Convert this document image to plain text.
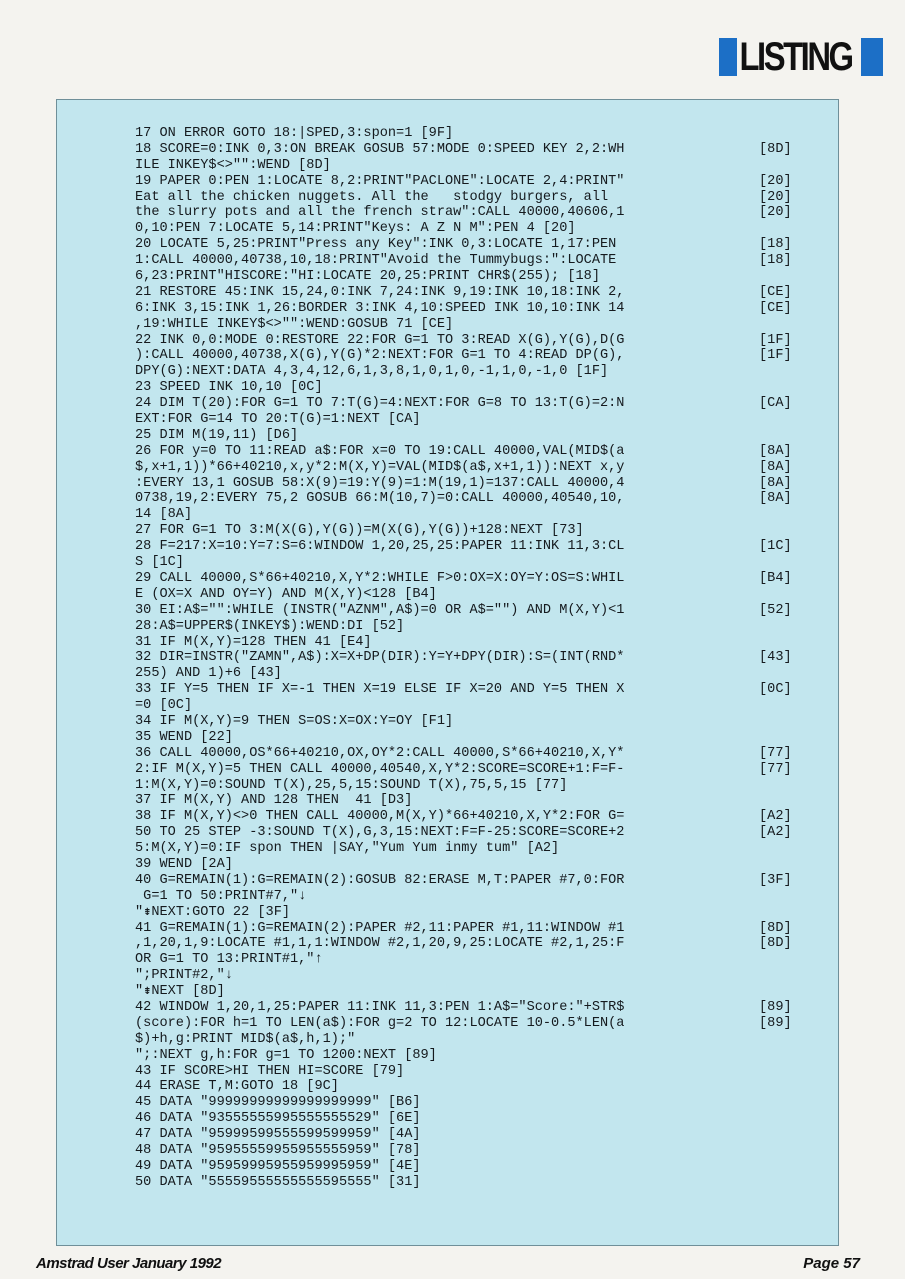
LISTING
17 ON ERROR GOTO 18:|SPED,3:spon=1 [9F]
18 SCORE=0:INK 0,3:ON BREAK GOSUB 57:MODE 0:SPEED KEY 2,2:WH	[8D]
ILE INKEY$<>"":WEND [8D]
19 PAPER 0:PEN 1:LOCATE 8,2:PRINT"PACLONE":LOCATE 2,4:PRINT"	[20]
Eat all the chicken nuggets. All the   stodgy burgers, all	[20]
the slurry pots and all the french straw":CALL 40000,40606,1	[20]
0,10:PEN 7:LOCATE 5,14:PRINT"Keys: A Z N M":PEN 4 [20]
20 LOCATE 5,25:PRINT"Press any Key":INK 0,3:LOCATE 1,17:PEN	[18]
1:CALL 40000,40738,10,18:PRINT"Avoid the Tummybugs:":LOCATE	[18]
6,23:PRINT"HISCORE:"HI:LOCATE 20,25:PRINT CHR$(255); [18]
21 RESTORE 45:INK 15,24,0:INK 7,24:INK 9,19:INK 10,18:INK 2,	[CE]
6:INK 3,15:INK 1,26:BORDER 3:INK 4,10:SPEED INK 10,10:INK 14	[CE]
,19:WHILE INKEY$<>"":WEND:GOSUB 71 [CE]
22 INK 0,0:MODE 0:RESTORE 22:FOR G=1 TO 3:READ X(G),Y(G),D(G	[1F]
):CALL 40000,40738,X(G),Y(G)*2:NEXT:FOR G=1 TO 4:READ DP(G),	[1F]
DPY(G):NEXT:DATA 4,3,4,12,6,1,3,8,1,0,1,0,-1,1,0,-1,0 [1F]
23 SPEED INK 10,10 [0C]
24 DIM T(20):FOR G=1 TO 7:T(G)=4:NEXT:FOR G=8 TO 13:T(G)=2:N	[CA]
EXT:FOR G=14 TO 20:T(G)=1:NEXT [CA]
25 DIM M(19,11) [D6]
26 FOR y=0 TO 11:READ a$:FOR x=0 TO 19:CALL 40000,VAL(MID$(a	[8A]
$,x+1,1))*66+40210,x,y*2:M(X,Y)=VAL(MID$(a$,x+1,1)):NEXT x,y	[8A]
:EVERY 13,1 GOSUB 58:X(9)=19:Y(9)=1:M(19,1)=137:CALL 40000,4	[8A]
0738,19,2:EVERY 75,2 GOSUB 66:M(10,7)=0:CALL 40000,40540,10,	[8A]
14 [8A]
27 FOR G=1 TO 3:M(X(G),Y(G))=M(X(G),Y(G))+128:NEXT [73]
28 F=217:X=10:Y=7:S=6:WINDOW 1,20,25,25:PAPER 11:INK 11,3:CL	[1C]
S [1C]
29 CALL 40000,S*66+40210,X,Y*2:WHILE F>0:OX=X:OY=Y:OS=S:WHIL	[B4]
E (OX=X AND OY=Y) AND M(X,Y)<128 [B4]
30 EI:A$="":WHILE (INSTR("AZNM",A$)=0 OR A$="") AND M(X,Y)<1	[52]
28:A$=UPPER$(INKEY$):WEND:DI [52]
31 IF M(X,Y)=128 THEN 41 [E4]
32 DIR=INSTR("ZAMN",A$):X=X+DP(DIR):Y=Y+DPY(DIR):S=(INT(RND*	[43]
255) AND 1)+6 [43]
33 IF Y=5 THEN IF X=-1 THEN X=19 ELSE IF X=20 AND Y=5 THEN X	[0C]
=0 [0C]
34 IF M(X,Y)=9 THEN S=OS:X=OX:Y=OY [F1]
35 WEND [22]
36 CALL 40000,OS*66+40210,OX,OY*2:CALL 40000,S*66+40210,X,Y*	[77]
2:IF M(X,Y)=5 THEN CALL 40000,40540,X,Y*2:SCORE=SCORE+1:F=F-	[77]
1:M(X,Y)=0:SOUND T(X),25,5,15:SOUND T(X),75,5,15 [77]
37 IF M(X,Y) AND 128 THEN  41 [D3]
38 IF M(X,Y)<>0 THEN CALL 40000,M(X,Y)*66+40210,X,Y*2:FOR G=	[A2]
50 TO 25 STEP -3:SOUND T(X),G,3,15:NEXT:F=F-25:SCORE=SCORE+2	[A2]
5:M(X,Y)=0:IF spon THEN |SAY,"Yum Yum inmy tum" [A2]
39 WEND [2A]
40 G=REMAIN(1):G=REMAIN(2):GOSUB 82:ERASE M,T:PAPER #7,0:FOR	[3F]
G=1 TO 50:PRINT#7,"↓
"⇟NEXT:GOTO 22 [3F]
41 G=REMAIN(1):G=REMAIN(2):PAPER #2,11:PAPER #1,11:WINDOW #1	[8D]
,1,20,1,9:LOCATE #1,1,1:WINDOW #2,1,20,9,25:LOCATE #2,1,25:F	[8D]
OR G=1 TO 13:PRINT#1,"↑
";PRINT#2,"↓
"⇟NEXT [8D]
42 WINDOW 1,20,1,25:PAPER 11:INK 11,3:PEN 1:A$="Score:"+STR$	[89]
(score):FOR h=1 TO LEN(a$):FOR g=2 TO 12:LOCATE 10-0.5*LEN(a	[89]
$)+h,g:PRINT MID$(a$,h,1);"
";:NEXT g,h:FOR g=1 TO 1200:NEXT [89]
43 IF SCORE>HI THEN HI=SCORE [79]
44 ERASE T,M:GOTO 18 [9C]
45 DATA "99999999999999999999" [B6]
46 DATA "93555555995555555529" [6E]
47 DATA "95999599555599599959" [4A]
48 DATA "95955559955955555959" [78]
49 DATA "95959995955959995959" [4E]
50 DATA "55559555555555595555" [31]
Amstrad User January 1992	Page 57
